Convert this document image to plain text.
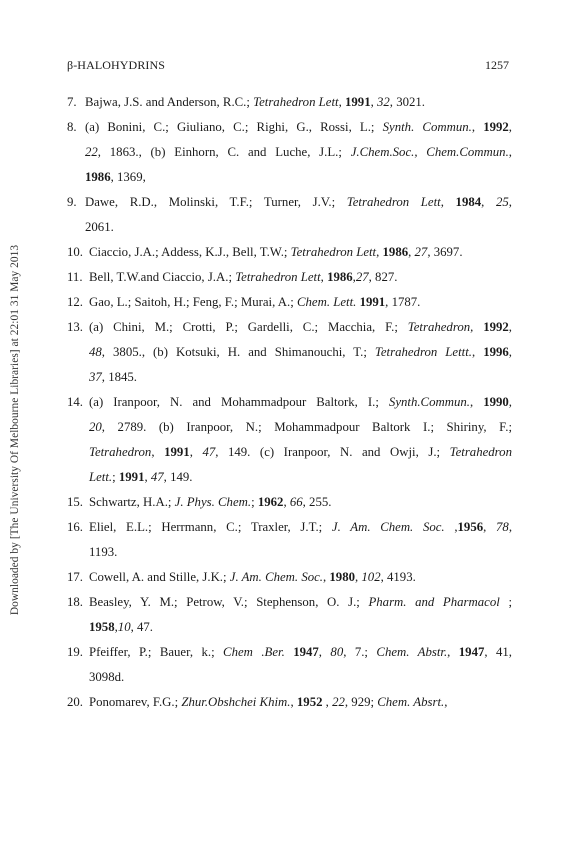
β-HALOHYDRINS	1257
Downloaded by [The University Of Melbourne Libraries] at 22:01 31 May 2013
7. Bajwa, J.S. and Anderson, R.C.; Tetrahedron Lett, 1991, 32, 3021.
8. (a) Bonini, C.; Giuliano, C.; Righi, G., Rossi, L.; Synth. Commun., 1992,
22, 1863., (b) Einhorn, C. and Luche, J.L.; J.Chem.Soc., Chem.Commun.,
1986, 1369,
9. Dawe, R.D., Molinski, T.F.; Turner, J.V.; Tetrahedron Lett, 1984, 25,
2061.
10. Ciaccio, J.A.; Addess, K.J., Bell, T.W.; Tetrahedron Lett, 1986, 27, 3697.
11. Bell, T.W.and Ciaccio, J.A.; Tetrahedron Lett, 1986,27, 827.
12. Gao, L.; Saitoh, H.; Feng, F.; Murai, A.; Chem. Lett. 1991, 1787.
13. (a) Chini, M.; Crotti, P.; Gardelli, C.; Macchia, F.; Tetrahedron, 1992,
48, 3805., (b) Kotsuki, H. and Shimanouchi, T.; Tetrahedron Lettt., 1996,
37, 1845.
14. (a) Iranpoor, N. and Mohammadpour Baltork, I.; Synth.Commun., 1990,
20, 2789. (b) Iranpoor, N.; Mohammadpour Baltork I.; Shiriny, F.;
Tetrahedron, 1991, 47, 149. (c) Iranpoor, N. and Owji, J.; Tetrahedron
Lett.; 1991, 47, 149.
15. Schwartz, H.A.; J. Phys. Chem.; 1962, 66, 255.
16. Eliel, E.L.; Herrmann, C.; Traxler, J.T.; J. Am. Chem. Soc. ,1956, 78,
1193.
17. Cowell, A. and Stille, J.K.; J. Am. Chem. Soc., 1980, 102, 4193.
18. Beasley, Y. M.; Petrow, V.; Stephenson, O. J.; Pharm. and Pharmacol ;
1958,10, 47.
19. Pfeiffer, P.; Bauer, k.; Chem .Ber. 1947, 80, 7.; Chem. Abstr., 1947, 41,
3098d.
20. Ponomarev, F.G.; Zhur.Obshchei Khim., 1952 , 22, 929; Chem. Absrt.,
